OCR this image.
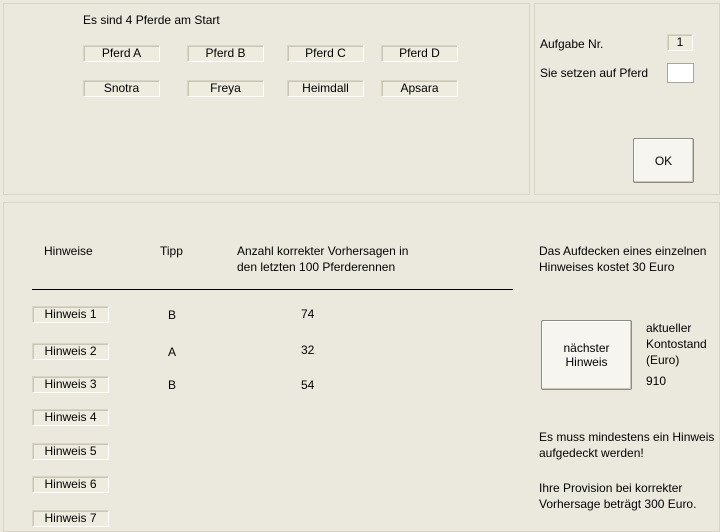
Es sind 4 Pferde am Start
Pferd A	Pferd B	Pferd C	Pferd D
Snotra	Freya	Heimdall	Apsara
Aufgabe Nr.	1
Sie setzen auf Pferd
OK
Hinweise	Tipp	Anzahl korrekter Vorhersagen in
den letzten 100 Pferderennen
Hinweis 1	B	74
Hinweis 2	A	32
Hinweis 3	B	54
Hinweis 4
Hinweis 5
Hinweis 6
Hinweis 7
Das Aufdecken eines einzelnen
Hinweises kostet 30 Euro
nächster
Hinweis
aktueller
Kontostand
(Euro)
910
Es muss mindestens ein Hinweis
aufgedeckt werden!
Ihre Provision bei korrekter
Vorhersage beträgt 300 Euro.
